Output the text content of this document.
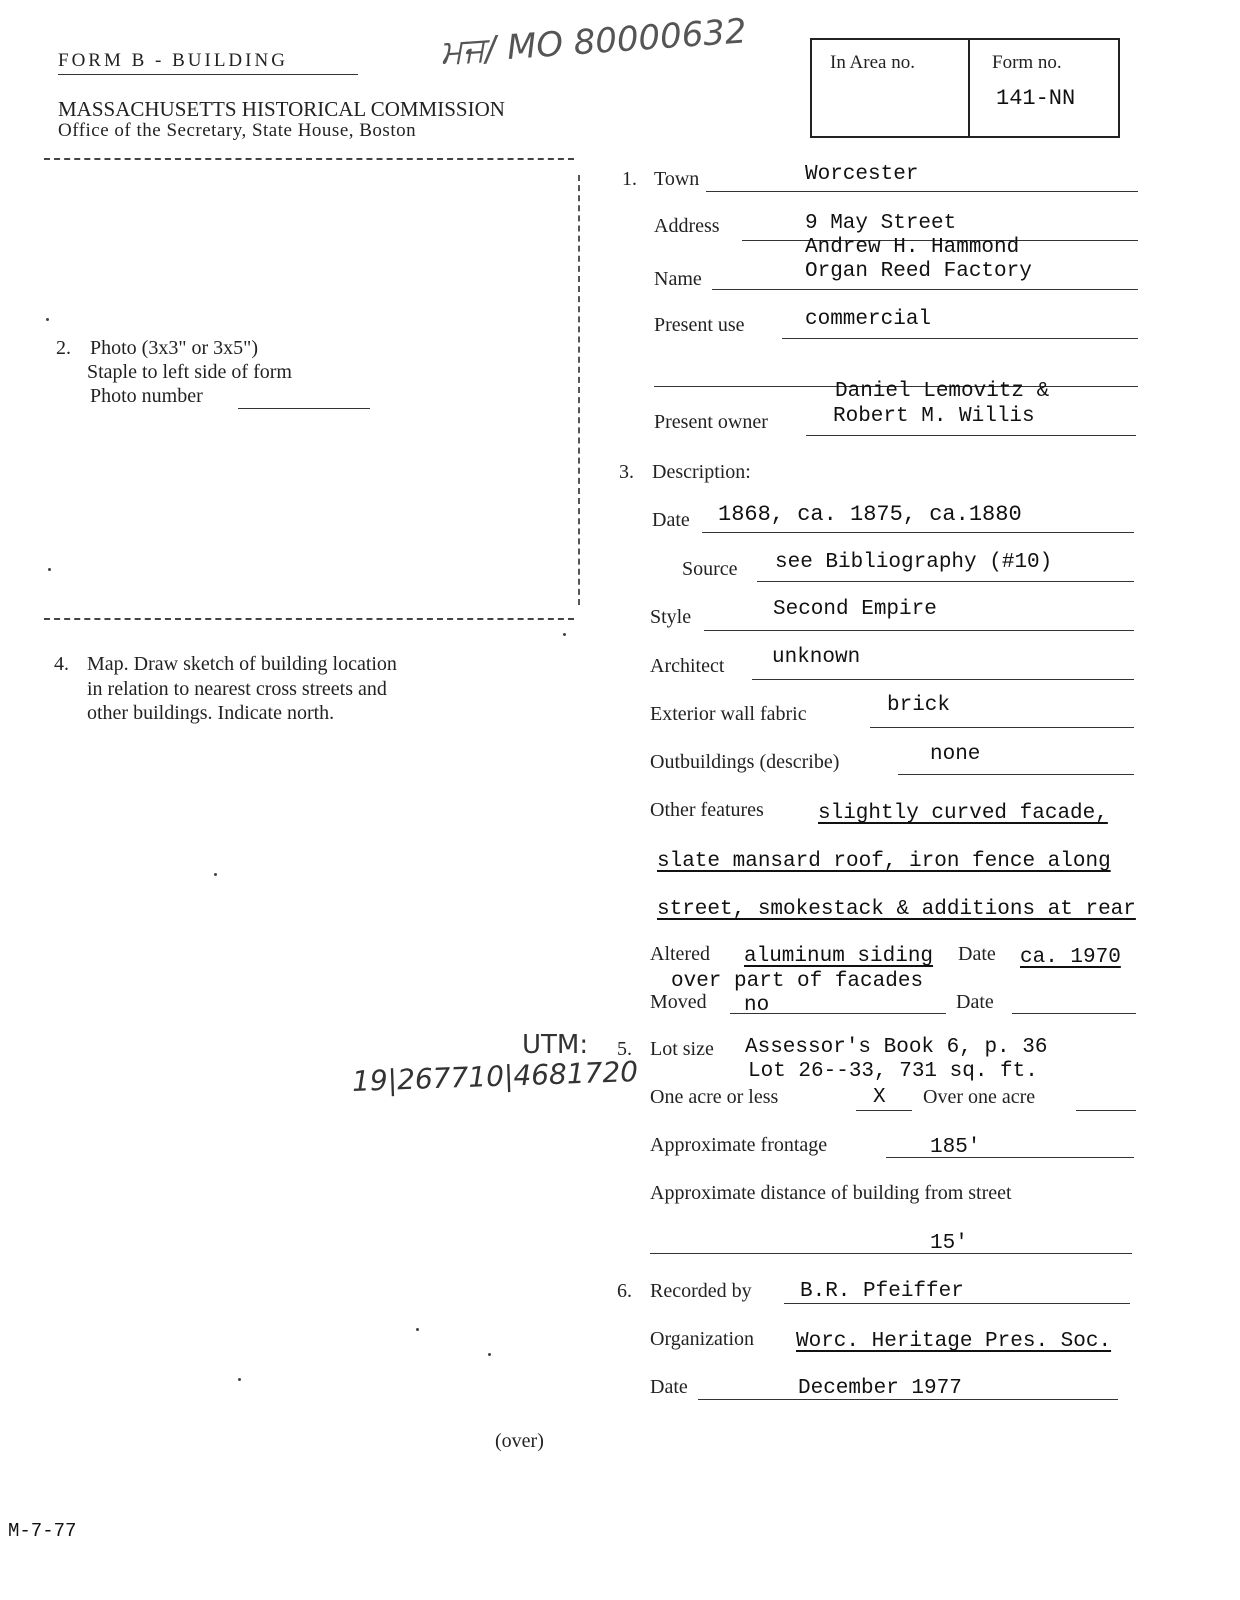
FORM B - BUILDING	ਮਜ/ MO 80000632
MASSACHUSETTS HISTORICAL COMMISSION
Office of the Secretary, State House, Boston
In Area no.	Form no.
141-NN
2. Photo (3x3" or 3x5")
Staple to left side of form
Photo number
4. Map. Draw sketch of building location
in relation to nearest cross streets and
other buildings. Indicate north.
UTM:
19|267710|4681720
(over)
M-7-77
1. Town	Worcester
Address	9 May Street
Andrew H. Hammond
Name	Organ Reed Factory
Present use	commercial
Daniel Lemovitz &
Present owner	Robert M. Willis
3. Description:
Date 1868, ca. 1875, ca.1880
Source see Bibliography (#10)
Style	Second Empire
Architect unknown
Exterior wall fabric	brick
Outbuildings (describe)	none
Other features	slightly curved facade,
slate mansard roof, iron fence along
street, smokestack & additions at rear
Altered aluminum siding Date ca. 1970
over part of facades
Moved no	Date
5. Lot size Assessor's Book 6, p. 36
Lot 26--33, 731 sq. ft.
One acre or less	X Over one acre
Approximate frontage	185'
Approximate distance of building from street
15'
6. Recorded by B.R. Pfeiffer
Organization Worc. Heritage Pres. Soc.
Date	December 1977
